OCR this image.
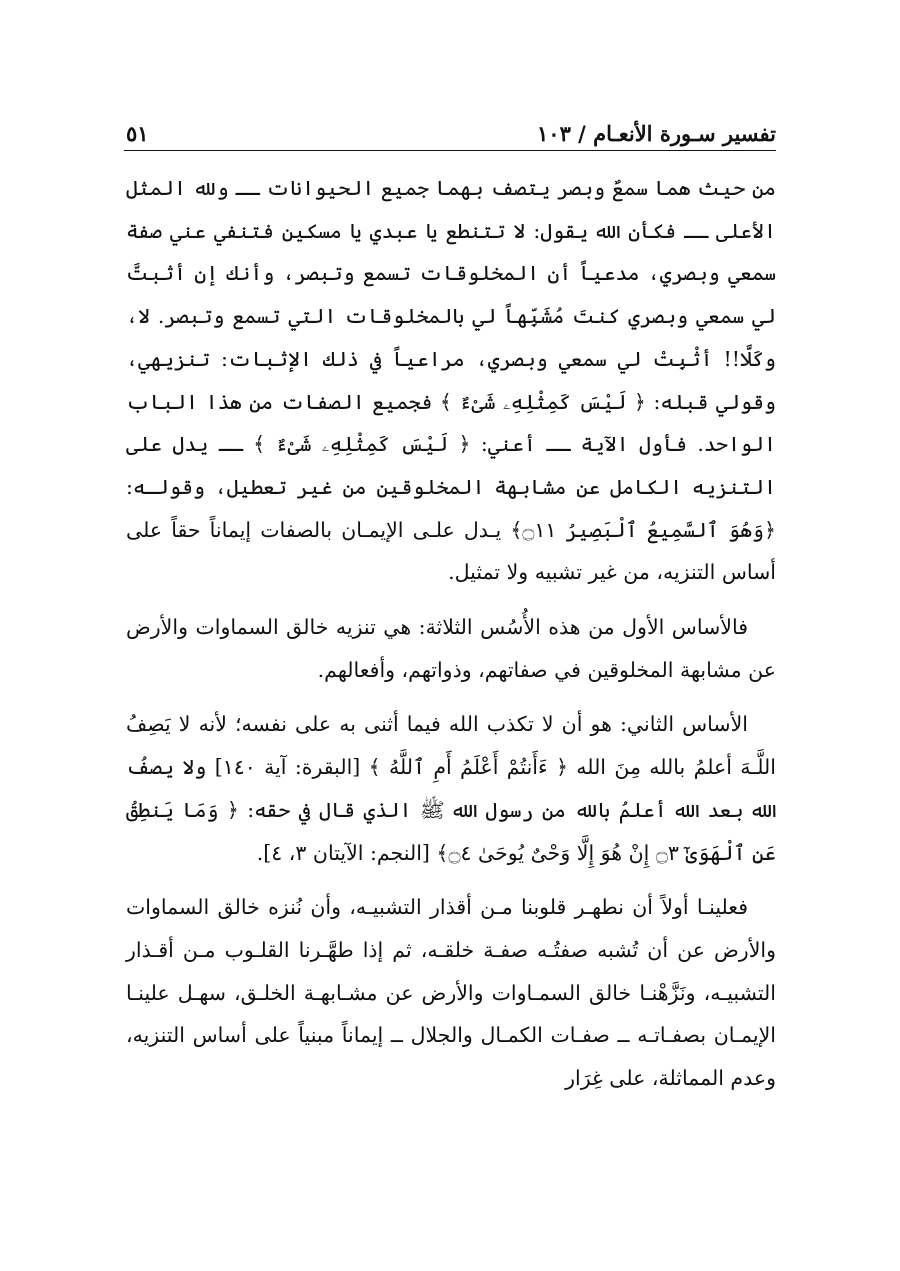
٥١	تفسير سـورة الأنعـام / ١٠٣

من حيث هما سمعٌ وبصر يتصف بهما جميع الحيوانات ــ ولله المثل الأعلى ــ فكأن الله يقول: لا تتنطع يا عبدي يا مسكين فتنفي عني صفة سمعي وبصري، مدعياً أن المخلوقات تسمع وتبصر، وأنك إن أثبتَّ لي سمعي وبصري كنتَ مُشَبِّهاً لي بالمخلوقات التي تسمع وتبصر. لا، وكَلَّا!! أثْبِتْ لي سمعي وبصري، مراعياً في ذلك الإثبات: تنزيهي، وقولي قبله: ﴿ لَيْسَ كَمِثْلِهِۦ شَىْءٌ ﴾ فجميع الصفات من هذا الباب الواحد. فأول الآية ــ أعني: ﴿ لَيْسَ كَمِثْلِهِۦ شَىْءٌ ﴾ ــ يدل على التنزيه الكامل عن مشابهة المخلوقين من غير تعطيل، وقولـه: ﴿وَهُوَ ٱلسَّمِيعُ ٱلْبَصِيرُ ۝١١﴾ يـدل علـى الإيمـان بالصفات إيماناً حقاً على أساس التنزيه، من غير تشبيه ولا تمثيل.

فالأساس الأول من هذه الأُسُس الثلاثة: هي تنزيه خالق السماوات والأرض عن مشابهة المخلوقين في صفاتهم، وذواتهم، وأفعالهم.

الأساس الثاني: هو أن لا تكذب الله فيما أثنى به على نفسه؛ لأنه لا يَصِفُ اللَّـهَ أعلمُ بالله مِنَ الله ﴿ ءَأَنتُمْ أَعْلَمُ أَمِ ٱللَّهُ ﴾ [البقرة: آية ١٤٠] ولا يصفُ الله بعد الله أعلمُ بالله من رسول الله ﷺ الذي قال في حقه: ﴿ وَمَا يَنطِقُ عَنِ ٱلْهَوَىٰٓ ۝٣ إِنْ هُوَ إِلَّا وَحْىٌ يُوحَىٰ ۝٤﴾ [النجم: الآيتان ٣، ٤].

فعلينـا أولاً أن نطهـر قلوبنا مـن أقذار التشبيـه، وأن نُنزه خالق السماوات والأرض عن أن تُشبه صفتُـه صفـة خلقـه، ثم إذا طهَّـرنا القلـوب مـن أقـذار التشبيـه، ونَزَّهْنـا خالق السمـاوات والأرض عن مشـابهـة الخلـق، سهـل علينـا الإيمـان بصفـاتـه ــ صفـات الكمـال والجلال ــ إيماناً مبنياً على أساس التنزيه، وعدم المماثلة، على غِرَار
